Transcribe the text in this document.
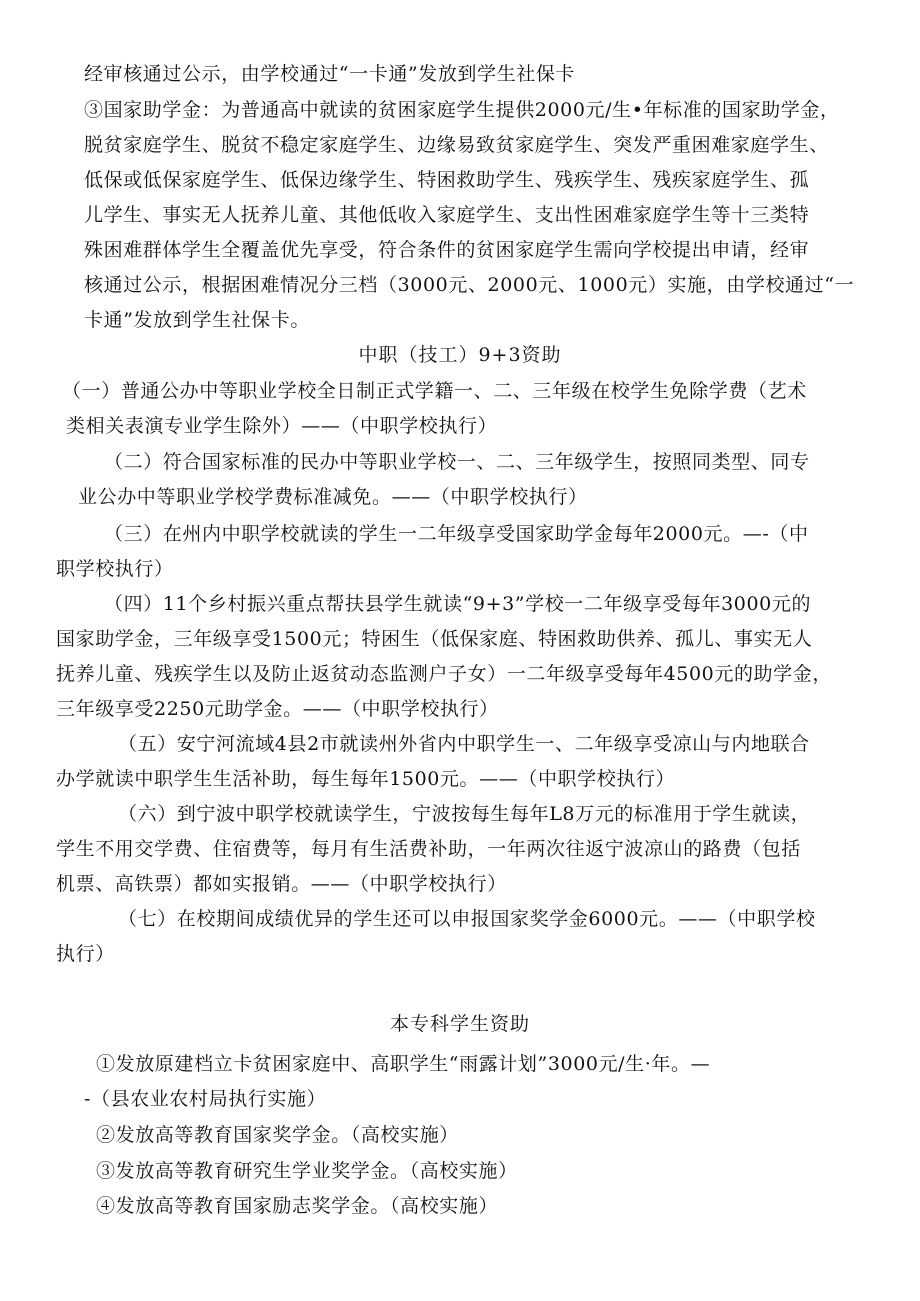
经审核通过公示，由学校通过“一卡通”发放到学生社保卡
③国家助学金：为普通高中就读的贫困家庭学生提供2000元/生•年标准的国家助学金，
脱贫家庭学生、脱贫不稳定家庭学生、边缘易致贫家庭学生、突发严重困难家庭学生、
低保或低保家庭学生、低保边缘学生、特困救助学生、残疾学生、残疾家庭学生、孤
儿学生、事实无人抚养儿童、其他低收入家庭学生、支出性困难家庭学生等十三类特
殊困难群体学生全覆盖优先享受，符合条件的贫困家庭学生需向学校提出申请，经审
核通过公示，根据困难情况分三档（3000元、2000元、1000元）实施，由学校通过“一
卡通”发放到学生社保卡。
中职（技工）9+3资助
（一）普通公办中等职业学校全日制正式学籍一、二、三年级在校学生免除学费（艺术
类相关表演专业学生除外）——（中职学校执行）
（二）符合国家标准的民办中等职业学校一、二、三年级学生，按照同类型、同专
业公办中等职业学校学费标准减免。——（中职学校执行）
（三）在州内中职学校就读的学生一二年级享受国家助学金每年2000元。—-（中
职学校执行）
（四）11个乡村振兴重点帮扶县学生就读“9+3”学校一二年级享受每年3000元的
国家助学金，三年级享受1500元；特困生（低保家庭、特困救助供养、孤儿、事实无人
抚养儿童、残疾学生以及防止返贫动态监测户子女）一二年级享受每年4500元的助学金，
三年级享受2250元助学金。——（中职学校执行）
（五）安宁河流域4县2市就读州外省内中职学生一、二年级享受凉山与内地联合
办学就读中职学生生活补助，每生每年1500元。——（中职学校执行）
（六）到宁波中职学校就读学生，宁波按每生每年L8万元的标准用于学生就读，
学生不用交学费、住宿费等，每月有生活费补助，一年两次往返宁波凉山的路费（包括
机票、高铁票）都如实报销。——（中职学校执行）
（七）在校期间成绩优异的学生还可以申报国家奖学金6000元。——（中职学校
执行）
本专科学生资助
①发放原建档立卡贫困家庭中、高职学生“雨露计划”3000元/生·年。—
-（县农业农村局执行实施）
②发放高等教育国家奖学金。（高校实施）
③发放高等教育研究生学业奖学金。（高校实施）
④发放高等教育国家励志奖学金。（高校实施）
